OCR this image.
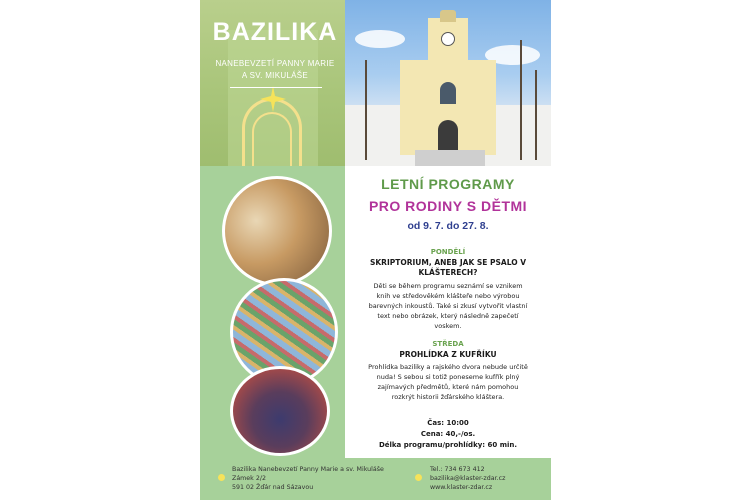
BAZILIKA
NANEBEVZETÍ PANNY MARIE
A SV. MIKULÁŠE
LETNÍ PROGRAMY
PRO RODINY S DĚTMI
od 9. 7. do 27. 8.
PONDĚLÍ
SKRIPTORIUM, ANEB JAK SE PSALO V
KLÁŠTERECH?
Děti se během programu seznámí se vznikem
knih ve středověkém klášteře nebo výrobou
barevných inkoustů. Také si zkusí vytvořit vlastní
text nebo obrázek, který následně zapečetí
voskem.
STŘEDA
PROHLÍDKA Z KUFŘÍKU
Prohlídka baziliky a rajského dvora nebude určitě
nuda! S sebou si totiž poneseme kufřík plný
zajímavých předmětů, které nám pomohou
rozkrýt historii žďárského kláštera.
Čas: 10:00
Cena: 40,-/os.
Délka programu/prohlídky: 60 min.
Bazilika Nanebevzetí Panny Marie a sv. Mikuláše
Zámek 2/2
591 02 Žďár nad Sázavou
Tel.: 734 673 412
bazilika@klaster-zdar.cz
www.klaster-zdar.cz
